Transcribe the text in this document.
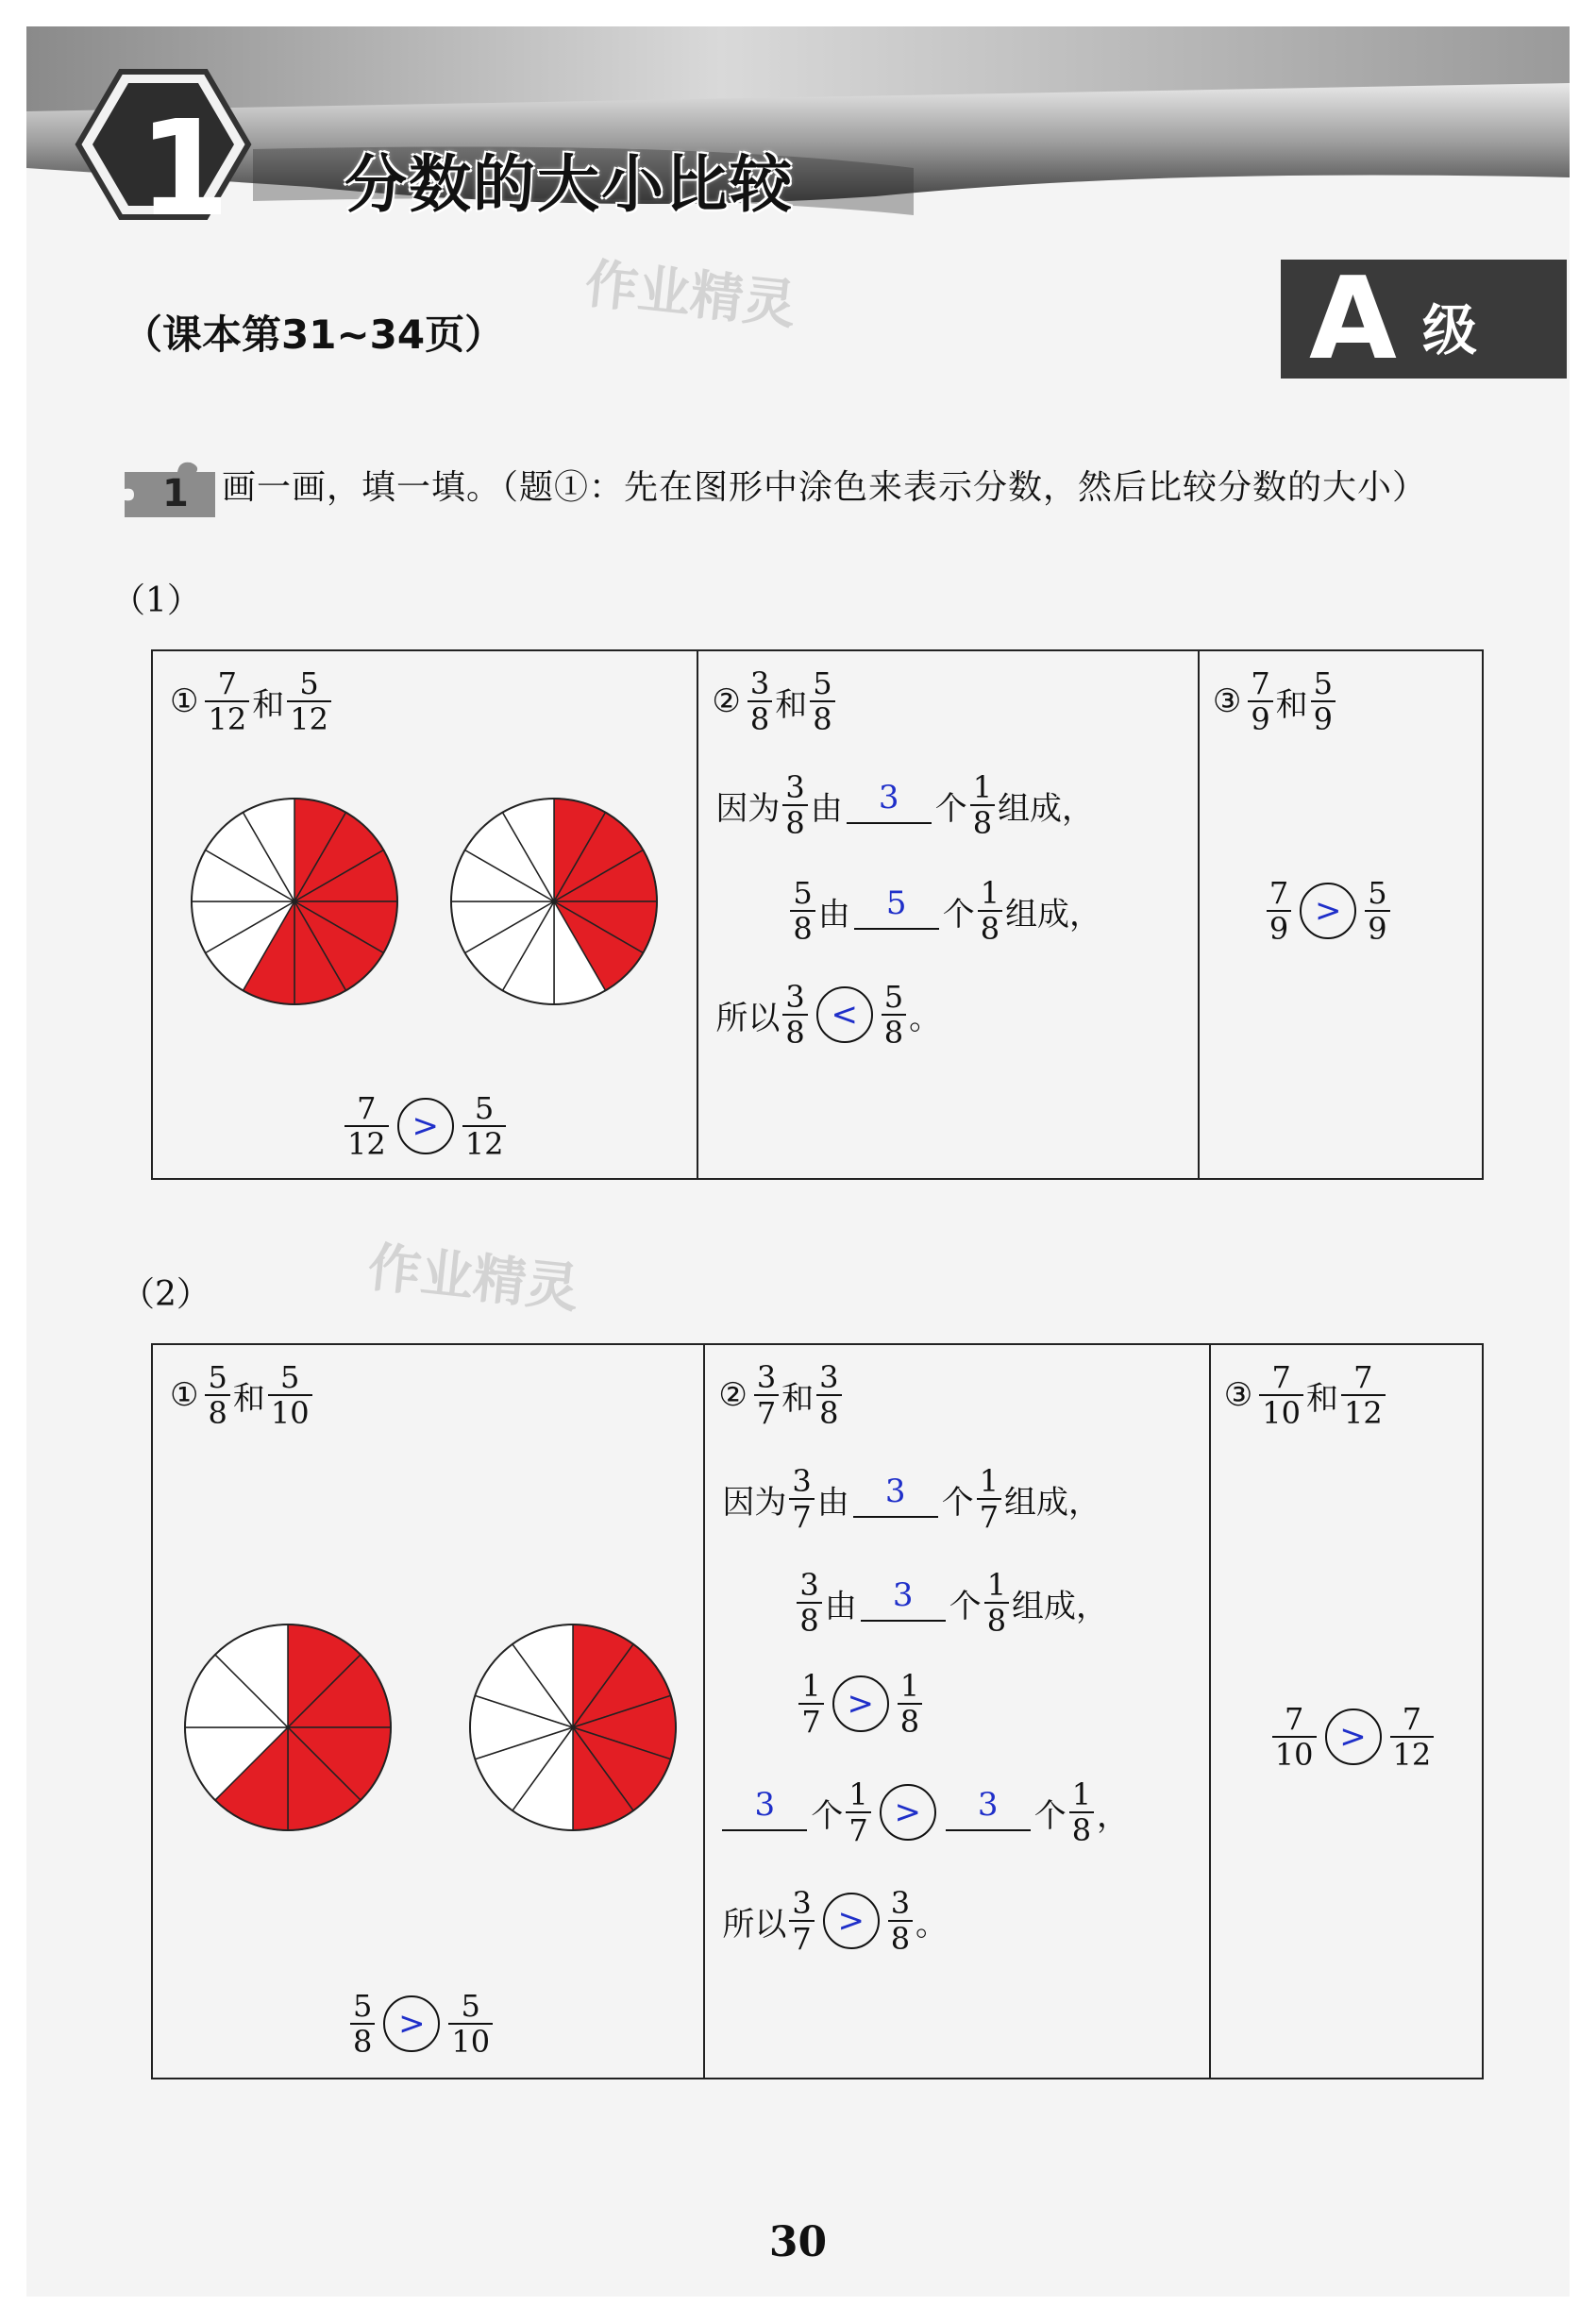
1 分数的大小比较
（课本第31~34页）	A 级
作业精灵
作业精灵
1 画一画，填一填。（题①：先在图形中涂色来表示分数，然后比较分数的大小）
（1）
① $\frac{7}{12}$ 和 $\frac{5}{12}$
$\frac{7}{12} > \frac{5}{12}$

② $\frac{3}{8}$ 和 $\frac{5}{8}$
因为 $\frac{3}{8}$ 由	3	个 $\frac{1}{8}$ 组成，
$\frac{5}{8}$ 由	5	个 $\frac{1}{8}$ 组成，
所以 $\frac{3}{8} < \frac{5}{8}$ 。

③ $\frac{7}{9}$ 和 $\frac{5}{9}$
$\frac{7}{9} > \frac{5}{9}$
（2）
① $\frac{5}{8}$ 和 $\frac{5}{10}$
$\frac{5}{8} > \frac{5}{10}$

② $\frac{3}{7}$ 和 $\frac{3}{8}$
因为 $\frac{3}{7}$ 由	3	个 $\frac{1}{7}$ 组成，
$\frac{3}{8}$ 由	3	个 $\frac{1}{8}$ 组成，
$\frac{1}{7} > \frac{1}{8}$
3	个 $\frac{1}{7}$ >	3	个 $\frac{1}{8}$ ，
所以 $\frac{3}{7} > \frac{3}{8}$ 。

③ $\frac{7}{10}$ 和 $\frac{7}{12}$
$\frac{7}{10} > \frac{7}{12}$
30
